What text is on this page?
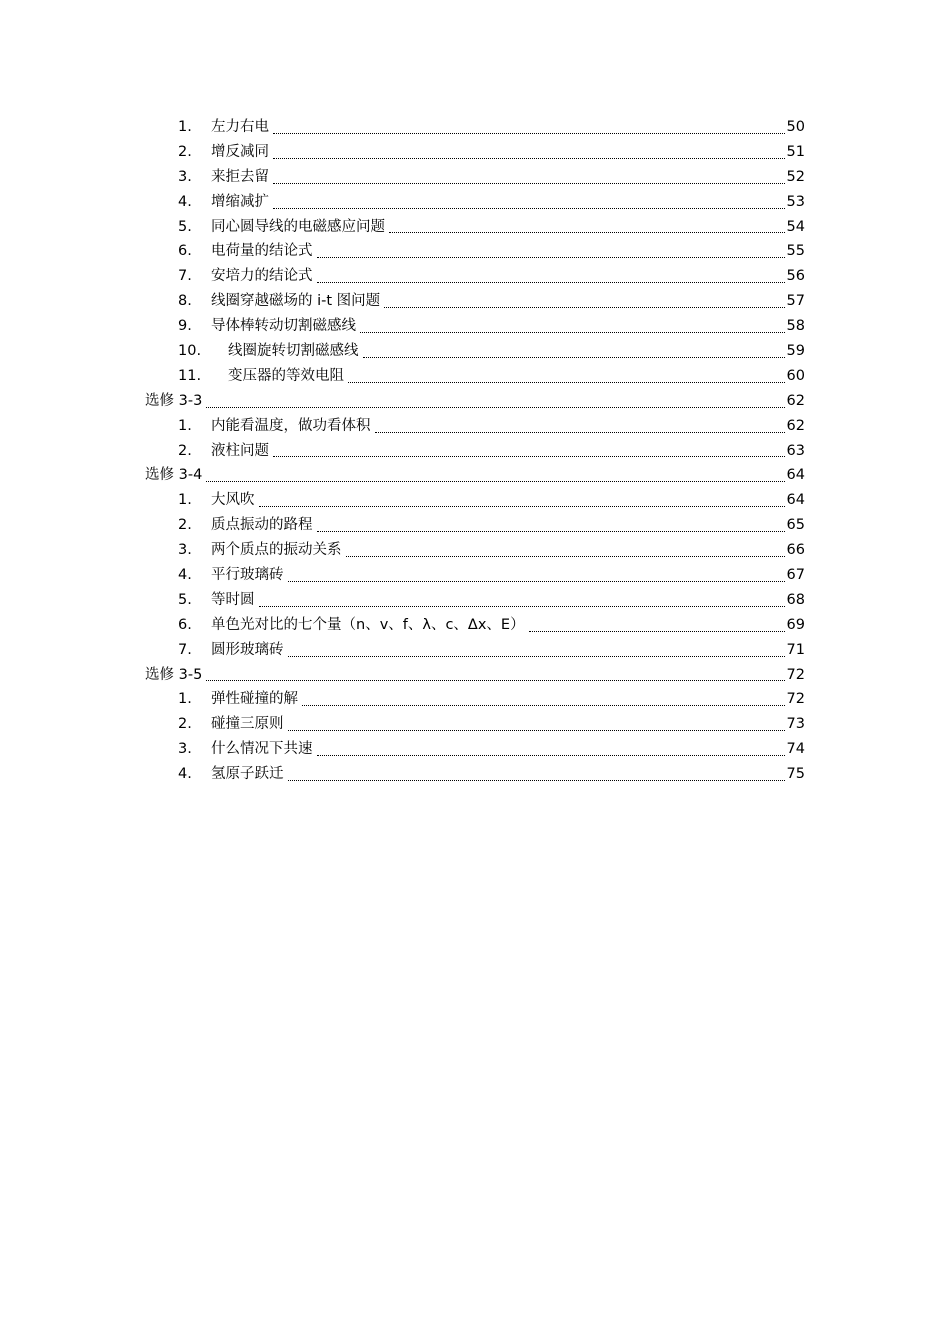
1. 左力右电	50
2. 增反减同	51
3. 来拒去留	52
4. 增缩减扩	53
5. 同心圆导线的电磁感应问题	54
6. 电荷量的结论式	55
7. 安培力的结论式	56
8. 线圈穿越磁场的 i-t 图问题	57
9. 导体棒转动切割磁感线	58
10. 线圈旋转切割磁感线	59
11. 变压器的等效电阻	60
选修 3-3	62
1. 内能看温度，做功看体积	62
2. 液柱问题	63
选修 3-4	64
1. 大风吹	64
2. 质点振动的路程	65
3. 两个质点的振动关系	66
4. 平行玻璃砖	67
5. 等时圆	68
6. 单色光对比的七个量（n、v、f、λ、c、Δx、E）	69
7. 圆形玻璃砖	71
选修 3-5	72
1. 弹性碰撞的解	72
2. 碰撞三原则	73
3. 什么情况下共速	74
4. 氢原子跃迁	75
